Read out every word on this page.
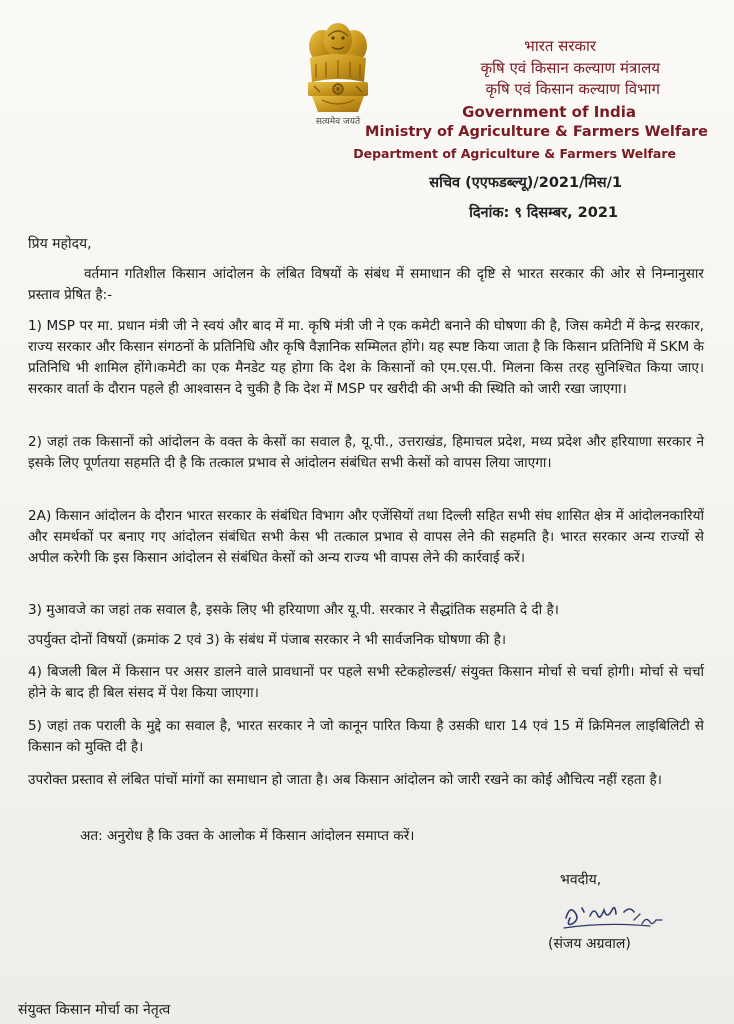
सत्यमेव जयते
भारत सरकार
कृषि एवं किसान कल्याण मंत्रालय
कृषि एवं किसान कल्याण विभाग
Government of India
Ministry of Agriculture & Farmers Welfare
Department of Agriculture & Farmers Welfare
सचिव (एएफडब्ल्यू)/2021/मिस/1
दिनांक: ९ दिसम्बर, 2021
प्रिय महोदय,
वर्तमान गतिशील किसान आंदोलन के लंबित विषयों के संबंध में समाधान की दृष्टि से भारत सरकार की ओर से निम्नानुसार प्रस्ताव प्रेषित है:-
1) MSP पर मा. प्रधान मंत्री जी ने स्वयं और बाद में मा. कृषि मंत्री जी ने एक कमेटी बनाने की घोषणा की है, जिस कमेटी में केन्द्र सरकार, राज्य सरकार और किसान संगठनों के प्रतिनिधि और कृषि वैज्ञानिक सम्मिलत होंगे। यह स्पष्ट किया जाता है कि किसान प्रतिनिधि में SKM के प्रतिनिधि भी शामिल होंगे।कमेटी का एक मैनडेट यह होगा कि देश के किसानों को एम.एस.पी. मिलना किस तरह सुनिश्चित किया जाए। सरकार वार्ता के दौरान पहले ही आश्वासन दे चुकी है कि देश में MSP पर खरीदी की अभी की स्थिति को जारी रखा जाएगा।
2) जहां तक किसानों को आंदोलन के वक्त के केसों का सवाल है, यू.पी., उत्तराखंड, हिमाचल प्रदेश, मध्य प्रदेश और हरियाणा सरकार ने इसके लिए पूर्णतया सहमति दी है कि तत्काल प्रभाव से आंदोलन संबंधित सभी केसों को वापस लिया जाएगा।
2A) किसान आंदोलन के दौरान भारत सरकार के संबंधित विभाग और एजेंसियों तथा दिल्ली सहित सभी संघ शासित क्षेत्र में आंदोलनकारियों और समर्थकों पर बनाए गए आंदोलन संबंधित सभी केस भी तत्काल प्रभाव से वापस लेने की सहमति है। भारत सरकार अन्य राज्यों से अपील करेगी कि इस किसान आंदोलन से संबंधित केसों को अन्य राज्य भी वापस लेने की कार्रवाई करें।
3) मुआवजे का जहां तक सवाल है, इसके लिए भी हरियाणा और यू.पी. सरकार ने सैद्धांतिक सहमति दे दी है।
उपर्युक्त दोनों विषयों (क्रमांक 2 एवं 3) के संबंध में पंजाब सरकार ने भी सार्वजनिक घोषणा की है।
4) बिजली बिल में किसान पर असर डालने वाले प्रावधानों पर पहले सभी स्टेकहोल्डर्स/ संयुक्त किसान मोर्चा से चर्चा होगी। मोर्चा से चर्चा होने के बाद ही बिल संसद में पेश किया जाएगा।
5) जहां तक पराली के मुद्दे का सवाल है, भारत सरकार ने जो कानून पारित किया है उसकी धारा 14 एवं 15 में क्रिमिनल लाइबिलिटी से किसान को मुक्ति दी है।
उपरोक्त प्रस्ताव से लंबित पांचों मांगों का समाधान हो जाता है। अब किसान आंदोलन को जारी रखने का कोई औचित्य नहीं रहता है।
अत: अनुरोध है कि उक्त के आलोक में किसान आंदोलन समाप्त करें।
भवदीय,
(संजय अग्रवाल)
संयुक्त किसान मोर्चा का नेतृत्व
